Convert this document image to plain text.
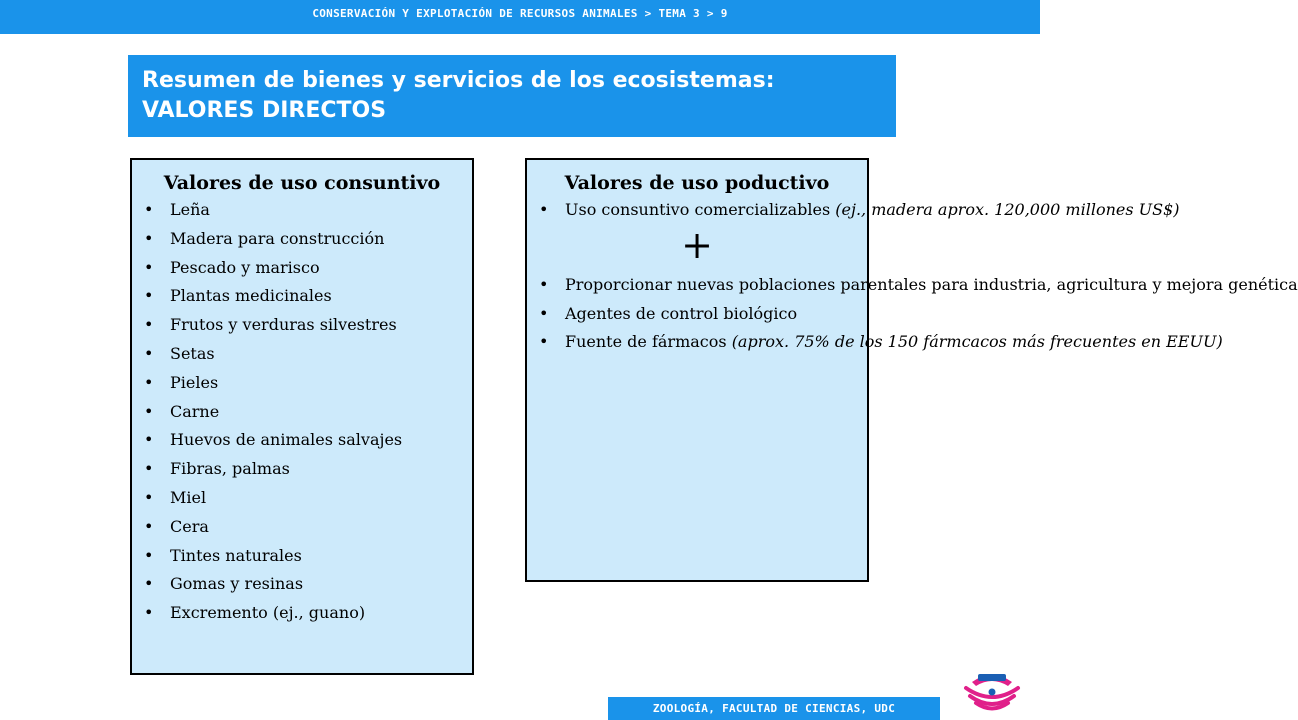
CONSERVACIÓN Y EXPLOTACIÓN DE RECURSOS ANIMALES > TEMA 3 > 9
Resumen de bienes y servicios de los ecosistemas:
VALORES DIRECTOS
Valores de uso consuntivo
• Leña
• Madera para construcción
• Pescado y marisco
• Plantas medicinales
• Frutos y verduras silvestres
• Setas
• Pieles
• Carne
• Huevos de animales salvajes
• Fibras, palmas
• Miel
• Cera
• Tintes naturales
• Gomas y resinas
• Excremento (ej., guano)
Valores de uso poductivo
• Uso consuntivo comercializables (ej., madera aprox. 120,000 millones US$)
+
• Proporcionar nuevas poblaciones parentales para industria, agricultura y mejora genética
• Agentes de control biológico
• Fuente de fármacos (aprox. 75% de los 150 fármcacos más frecuentes en EEUU)
ZOOLOGÍA, FACULTAD DE CIENCIAS, UDC
